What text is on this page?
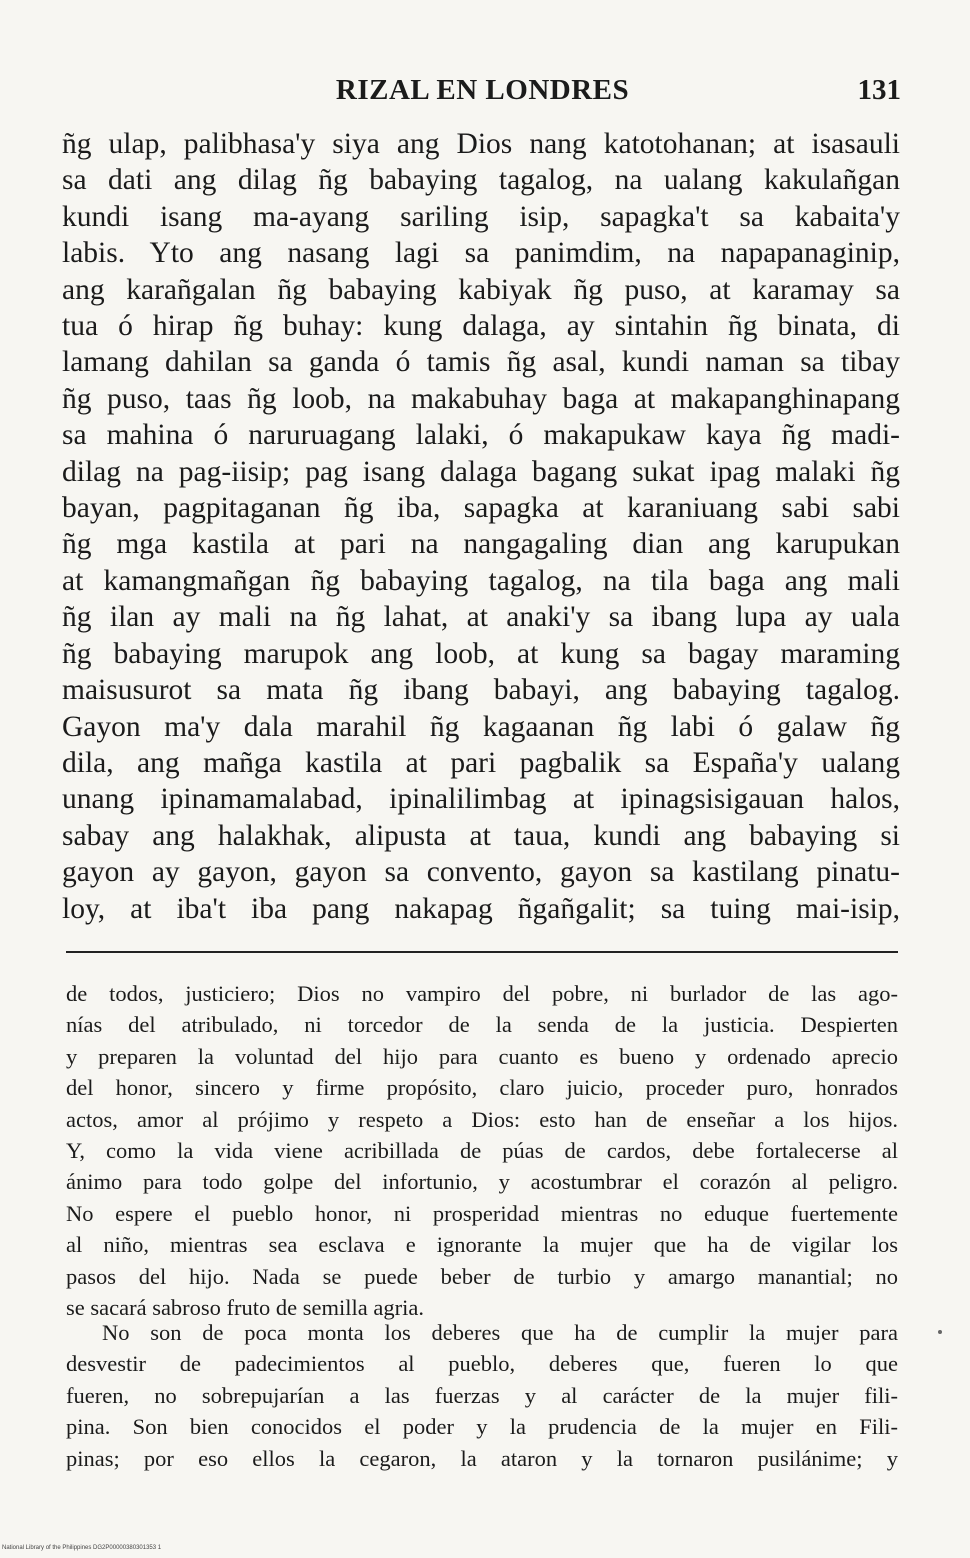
RIZAL EN LONDRES	131
ñg ulap, palibhasa'y siya ang Dios nang katotohanan; at isasauli
sa dati ang dilag ñg babaying tagalog, na ualang kakulañgan
kundi isang ma-ayang sariling isip, sapagka't sa kabaita'y
labis. Yto ang nasang lagi sa panimdim, na napapanaginip,
ang karañgalan ñg babaying kabiyak ñg puso, at karamay sa
tua ó hirap ñg buhay: kung dalaga, ay sintahin ñg binata, di
lamang dahilan sa ganda ó tamis ñg asal, kundi naman sa tibay
ñg puso, taas ñg loob, na makabuhay baga at makapanghinapang
sa mahina ó naruruagang lalaki, ó makapukaw kaya ñg madi-
dilag na pag-iisip; pag isang dalaga bagang sukat ipag malaki ñg
bayan, pagpitaganan ñg iba, sapagka at karaniuang sabi sabi
ñg mga kastila at pari na nangagaling dian ang karupukan
at kamangmañgan ñg babaying tagalog, na tila baga ang mali
ñg ilan ay mali na ñg lahat, at anaki'y sa ibang lupa ay uala
ñg babaying marupok ang loob, at kung sa bagay maraming
maisusurot sa mata ñg ibang babayi, ang babaying tagalog.
Gayon ma'y dala marahil ñg kagaanan ñg labi ó galaw ñg
dila, ang mañga kastila at pari pagbalik sa España'y ualang
unang ipinamamalabad, ipinalilimbag at ipinagsisigauan halos,
sabay ang halakhak, alipusta at taua, kundi ang babaying si
gayon ay gayon, gayon sa convento, gayon sa kastilang pinatu-
loy, at iba't iba pang nakapag ñgañgalit; sa tuing mai-isip,
de todos, justiciero; Dios no vampiro del pobre, ni burlador de las ago-
nías del atribulado, ni torcedor de la senda de la justicia. Despierten
y preparen la voluntad del hijo para cuanto es bueno y ordenado aprecio
del honor, sincero y firme propósito, claro juicio, proceder puro, honrados
actos, amor al prójimo y respeto a Dios: esto han de enseñar a los hijos.
Y, como la vida viene acribillada de púas de cardos, debe fortalecerse al
ánimo para todo golpe del infortunio, y acostumbrar el corazón al peligro.
No espere el pueblo honor, ni prosperidad mientras no eduque fuertemente
al niño, mientras sea esclava e ignorante la mujer que ha de vigilar los
pasos del hijo. Nada se puede beber de turbio y amargo manantial; no
se sacará sabroso fruto de semilla agria.
No son de poca monta los deberes que ha de cumplir la mujer para
desvestir de padecimientos al pueblo, deberes que, fueren lo que
fueren, no sobrepujarían a las fuerzas y al carácter de la mujer fili-
pina. Son bien conocidos el poder y la prudencia de la mujer en Fili-
pinas; por eso ellos la cegaron, la ataron y la tornaron pusilánime; y
National Library of the Philippines DG2P00000380301353 1
